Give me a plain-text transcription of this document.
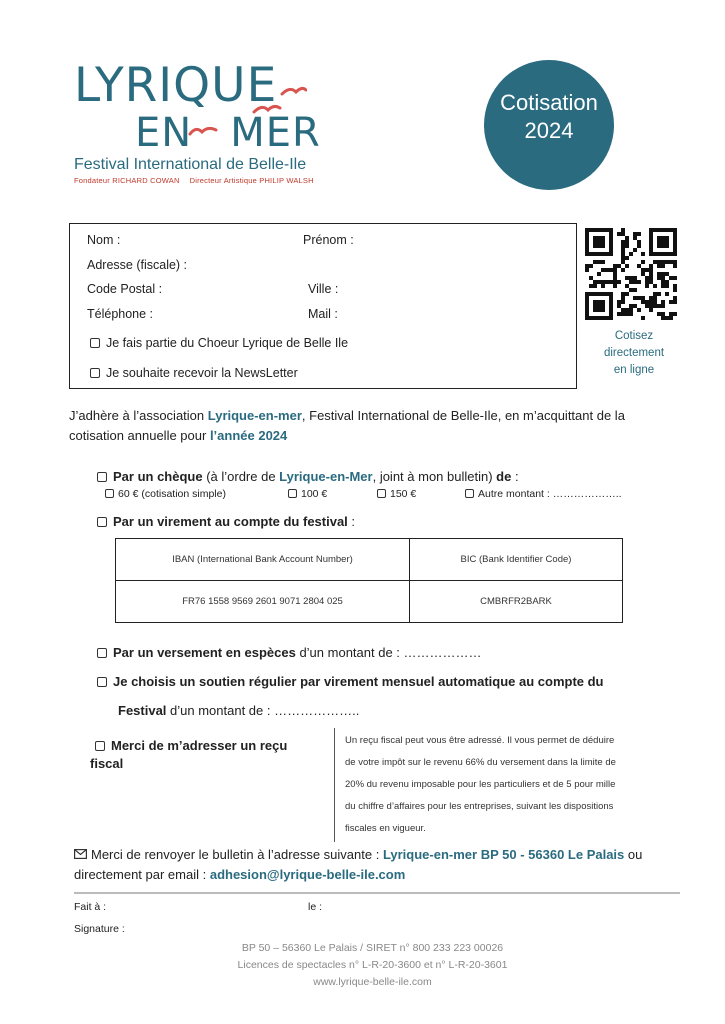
LYRIQUE
EN MER
Festival International de Belle-Ile
Fondateur RICHARD COWAN Directeur Artistique PHILIP WALSH
Cotisation
2024
Nom :	Prénom :
Adresse (fiscale) :
Code Postal :	Ville :
Téléphone :	Mail :
Je fais partie du Choeur Lyrique de Belle Ile
Je souhaite recevoir la NewsLetter
Cotisez
directement
en ligne
J’adhère à l’association Lyrique-en-mer, Festival International de Belle-Ile, en m’acquittant de la
cotisation annuelle pour l’année 2024
Par un chèque (à l’ordre de Lyrique-en-Mer, joint à mon bulletin) de :
60 € (cotisation simple)	100 €	150 €	Autre montant : ………………..
Par un virement au compte du festival :
IBAN (International Bank Account Number)	BIC (Bank Identifier Code)
FR76 1558 9569 2601 9071 2804 025	CMBRFR2BARK
Par un versement en espèces d’un montant de : ………………
Je choisis un soutien régulier par virement mensuel automatique au compte du
Festival d’un montant de : ………………..
Merci de m’adresser un reçu
fiscal
Un reçu fiscal peut vous être adressé. Il vous permet de déduire
de votre impôt sur le revenu 66% du versement dans la limite de
20% du revenu imposable pour les particuliers et de 5 pour mille
du chiffre d’affaires pour les entreprises, suivant les dispositions
fiscales en vigueur.
Merci de renvoyer le bulletin à l’adresse suivante : Lyrique-en-mer BP 50 - 56360 Le Palais ou
directement par email : adhesion@lyrique-belle-ile.com
Fait à :	le :
Signature :
BP 50 – 56360 Le Palais / SIRET n° 800 233 223 00026
Licences de spectacles n° L-R-20-3600 et n° L-R-20-3601
www.lyrique-belle-ile.com
